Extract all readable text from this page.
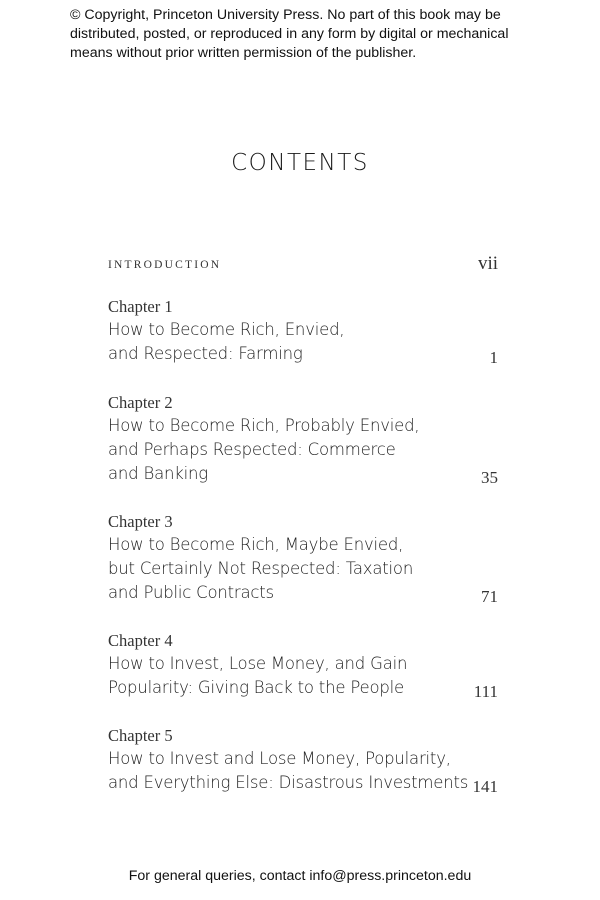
© Copyright, Princeton University Press. No part of this book may be distributed, posted, or reproduced in any form by digital or mechanical means without prior written permission of the publisher.
CONTENTS
INTRODUCTION	vii
Chapter 1
How to Become Rich, Envied,
and Respected: Farming	1
Chapter 2
How to Become Rich, Probably Envied,
and Perhaps Respected: Commerce
and Banking	35
Chapter 3
How to Become Rich, Maybe Envied,
but Certainly Not Respected: Taxation
and Public Contracts	71
Chapter 4
How to Invest, Lose Money, and Gain
Popularity: Giving Back to the People	111
Chapter 5
How to Invest and Lose Money, Popularity,
and Everything Else: Disastrous Investments 141
For general queries, contact info@press.princeton.edu
